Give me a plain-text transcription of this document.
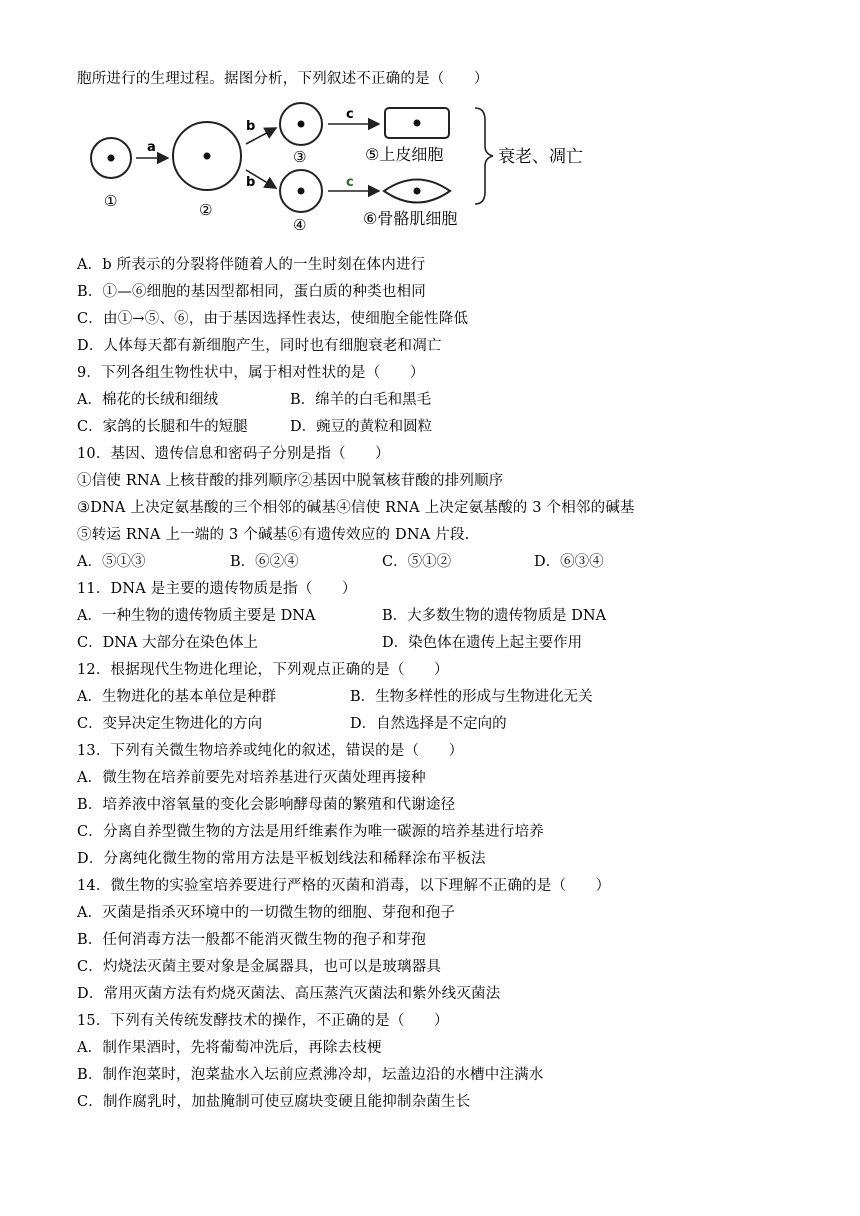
胞所进行的生理过程。据图分析，下列叙述不正确的是（　　）
①
a
②
b
b
③
④
c
c
⑤上皮细胞
⑥骨骼肌细胞
衰老、凋亡
A．b 所表示的分裂将伴随着人的一生时刻在体内进行
B．①—⑥细胞的基因型都相同，蛋白质的种类也相同
C．由①→⑤、⑥，由于基因选择性表达，使细胞全能性降低
D．人体每天都有新细胞产生，同时也有细胞衰老和凋亡
9．下列各组生物性状中，属于相对性状的是（　　）
A．棉花的长绒和细绒	B．绵羊的白毛和黑毛
C．家鸽的长腿和牛的短腿	D．豌豆的黄粒和圆粒
10．基因、遗传信息和密码子分别是指（　　）
①信使 RNA 上核苷酸的排列顺序②基因中脱氧核苷酸的排列顺序
③DNA 上决定氨基酸的三个相邻的碱基④信使 RNA 上决定氨基酸的 3 个相邻的碱基
⑤转运 RNA 上一端的 3 个碱基⑥有遗传效应的 DNA 片段.
A．⑤①③	B．⑥②④	C．⑤①②	D．⑥③④
11．DNA 是主要的遗传物质是指（　　）
A．一种生物的遗传物质主要是 DNA	B．大多数生物的遗传物质是 DNA
C．DNA 大部分在染色体上	D．染色体在遗传上起主要作用
12．根据现代生物进化理论，下列观点正确的是（　　）
A．生物进化的基本单位是种群	B．生物多样性的形成与生物进化无关
C．变异决定生物进化的方向	D．自然选择是不定向的
13．下列有关微生物培养或纯化的叙述，错误的是（　　）
A．微生物在培养前要先对培养基进行灭菌处理再接种
B．培养液中溶氧量的变化会影响酵母菌的繁殖和代谢途径
C．分离自养型微生物的方法是用纤维素作为唯一碳源的培养基进行培养
D．分离纯化微生物的常用方法是平板划线法和稀释涂布平板法
14．微生物的实验室培养要进行严格的灭菌和消毒，以下理解不正确的是（　　）
A．灭菌是指杀灭环境中的一切微生物的细胞、芽孢和孢子
B．任何消毒方法一般都不能消灭微生物的孢子和芽孢
C．灼烧法灭菌主要对象是金属器具，也可以是玻璃器具
D．常用灭菌方法有灼烧灭菌法、高压蒸汽灭菌法和紫外线灭菌法
15．下列有关传统发酵技术的操作，不正确的是（　　）
A．制作果酒时，先将葡萄冲洗后，再除去枝梗
B．制作泡菜时，泡菜盐水入坛前应煮沸冷却，坛盖边沿的水槽中注满水
C．制作腐乳时，加盐腌制可使豆腐块变硬且能抑制杂菌生长
